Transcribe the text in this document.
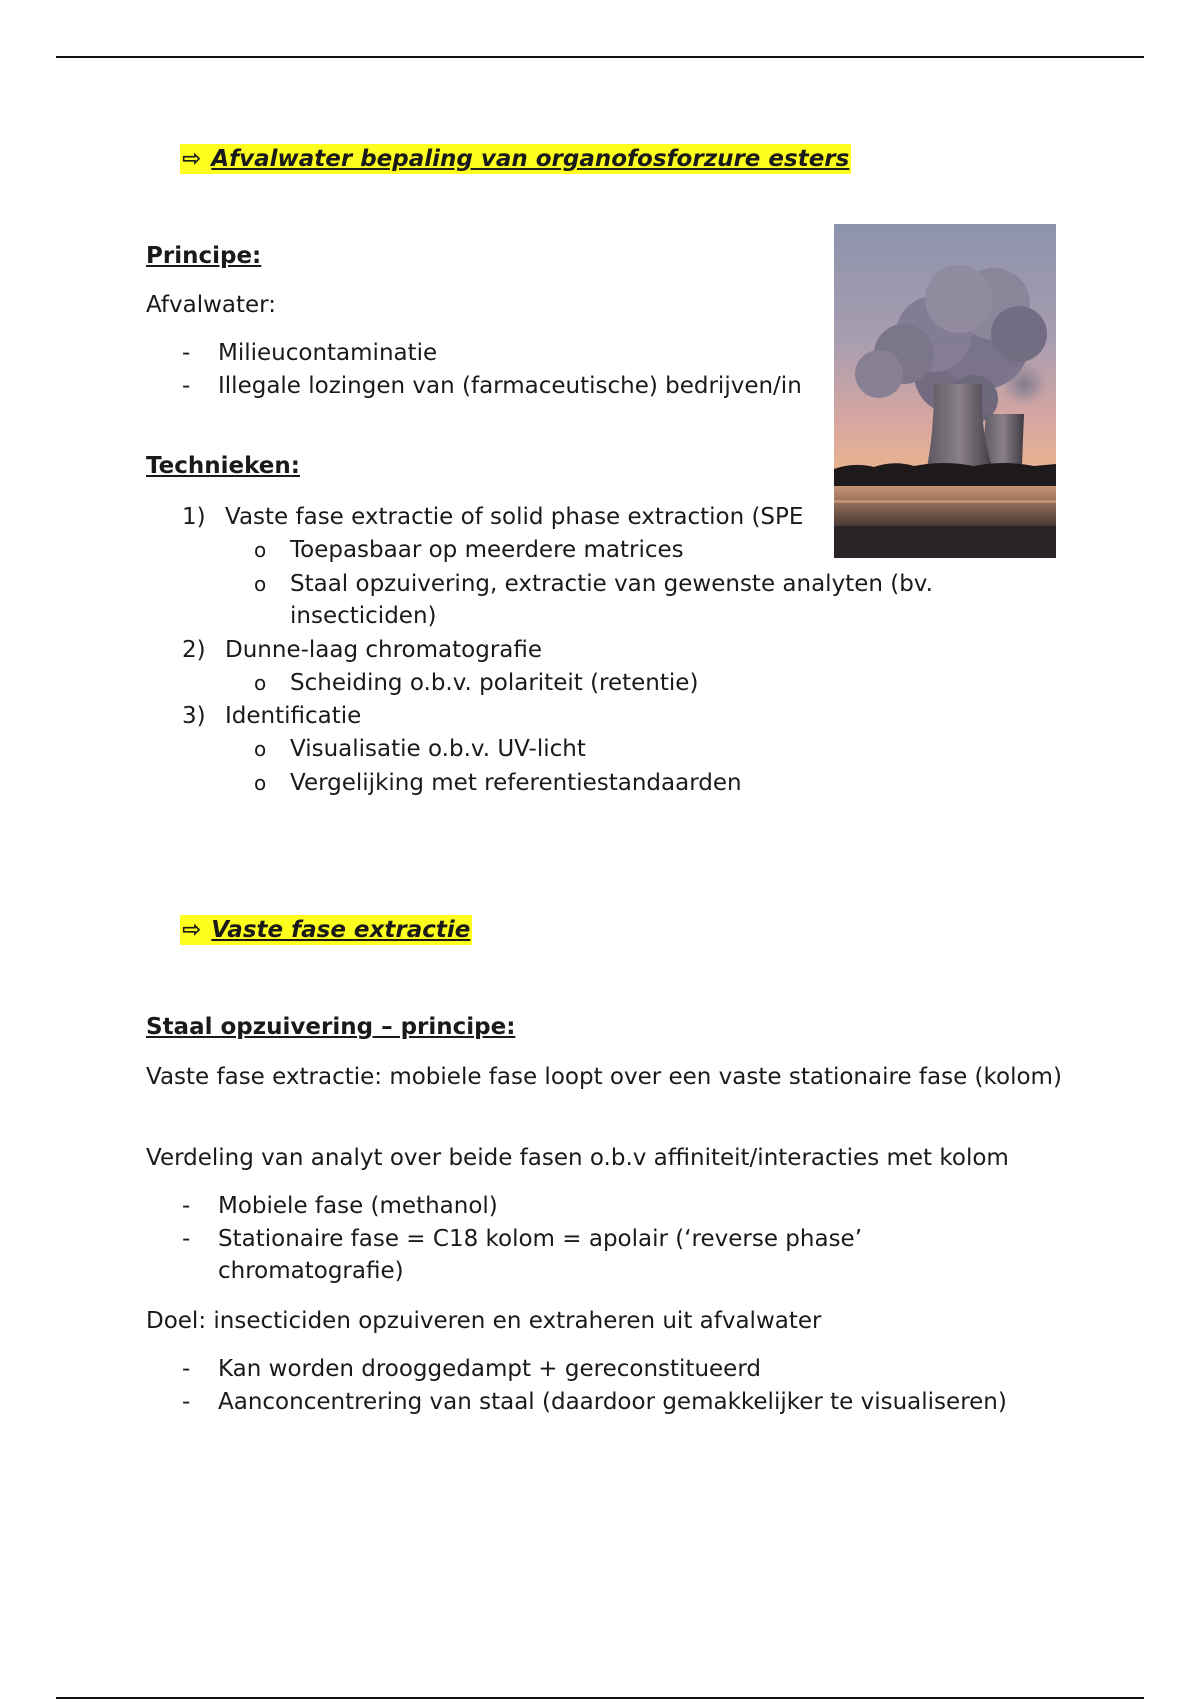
⇨ Afvalwater bepaling van organofosforzure esters
Principe:
Afvalwater:
- Milieucontaminatie
- Illegale lozingen van (farmaceutische) bedrijven/in
Technieken:
1) Vaste fase extractie of solid phase extraction (SPE
o Toepasbaar op meerdere matrices
o Staal opzuivering, extractie van gewenste analyten (bv. insecticiden)
2) Dunne-laag chromatografie
o Scheiding o.b.v. polariteit (retentie)
3) Identificatie
o Visualisatie o.b.v. UV-licht
o Vergelijking met referentiestandaarden
⇨ Vaste fase extractie
Staal opzuivering – principe:
Vaste fase extractie: mobiele fase loopt over een vaste stationaire fase (kolom)
Verdeling van analyt over beide fasen o.b.v affiniteit/interacties met kolom
- Mobiele fase (methanol)
- Stationaire fase = C18 kolom = apolair (‘reverse phase’ chromatografie)
Doel: insecticiden opzuiveren en extraheren uit afvalwater
- Kan worden drooggedampt + gereconstitueerd
- Aanconcentrering van staal (daardoor gemakkelijker te visualiseren)
